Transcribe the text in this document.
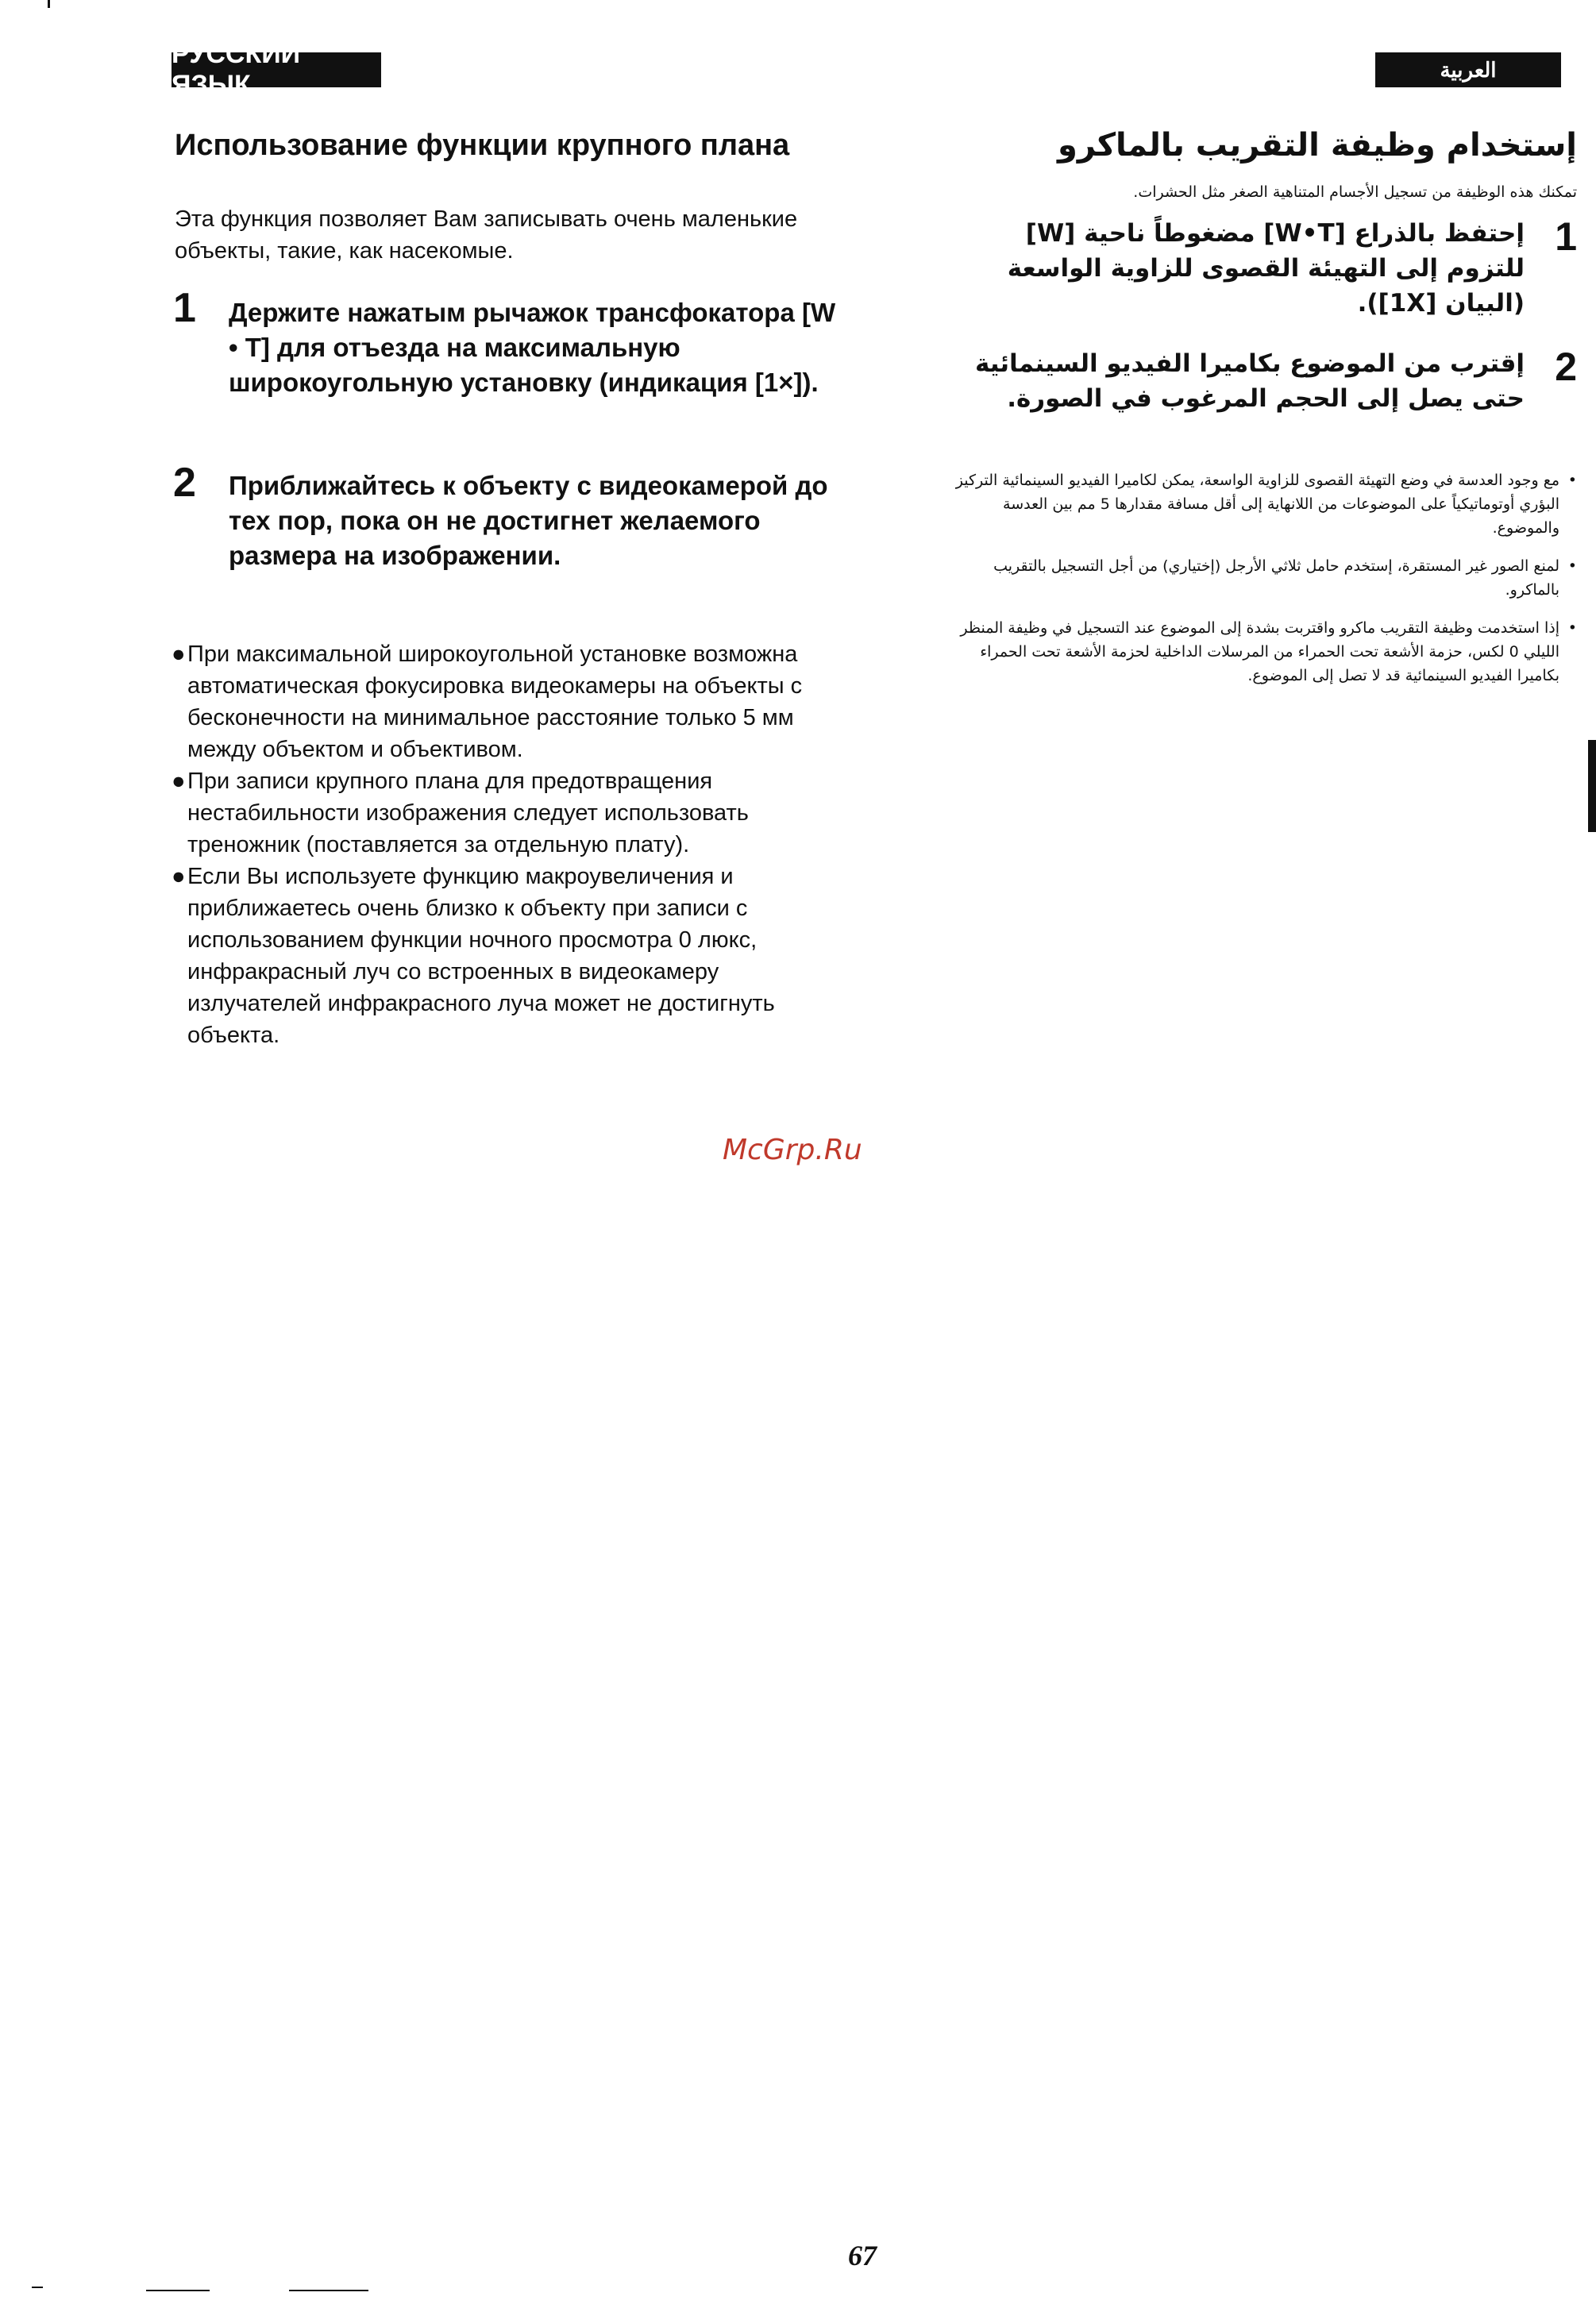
РУССКИЙ ЯЗЫК
العربية
Использование функции крупного плана
Эта функция позволяет Вам записывать очень маленькие объекты, такие, как насекомые.
1 Держите нажатым рычажок трансфокатора [W • T] для отъезда на максимальную широкоугольную установку (индикация [1×]).
2 Приближайтесь к объекту с видеокамерой до тех пор, пока он не достигнет желаемого размера на изображении.
● При максимальной широкоугольной установке возможна автоматическая фокусировка видеокамеры на объекты с бесконечности на минимальное расстояние только 5 мм между объектом и объективом.
● При записи крупного плана для предотвращения нестабильности изображения следует использовать треножник (поставляется за отдельную плату).
● Если Вы используете функцию макроувеличения и приближаетесь очень близко к объекту при записи с использованием функции ночного просмотра 0 люкс, инфракрасный луч со встроенных в видеокамеру излучателей инфракрасного луча может не достигнуть объекта.
إستخدام وظيفة التقريب بالماكرو
تمكنك هذه الوظيفة من تسجيل الأجسام المتناهية الصغر مثل الحشرات.
1
إحتفظ بالذراع [W•T] مضغوطاً ناحية [W] للتزوم إلى التهيئة القصوى للزاوية الواسعة (البيان [1X]).
2
إقترب من الموضوع بكاميرا الفيديو السينمائية حتى يصل إلى الحجم المرغوب في الصورة.
•
مع وجود العدسة في وضع التهيئة القصوى للزاوية الواسعة، يمكن لكاميرا الفيديو السينمائية التركيز البؤري أوتوماتيكياً على الموضوعات من اللانهاية إلى أقل مسافة مقدارها 5 مم بين العدسة والموضوع.
•
لمنع الصور غير المستقرة، إستخدم حامل ثلاثي الأرجل (إختياري) من أجل التسجيل بالتقريب بالماكرو.
•
إذا استخدمت وظيفة التقريب ماكرو واقتربت بشدة إلى الموضوع عند التسجيل في وظيفة المنظر الليلي 0 لكس، حزمة الأشعة تحت الحمراء من المرسلات الداخلية لحزمة الأشعة تحت الحمراء بكاميرا الفيديو السينمائية قد لا تصل إلى الموضوع.
McGrp.Ru
67
